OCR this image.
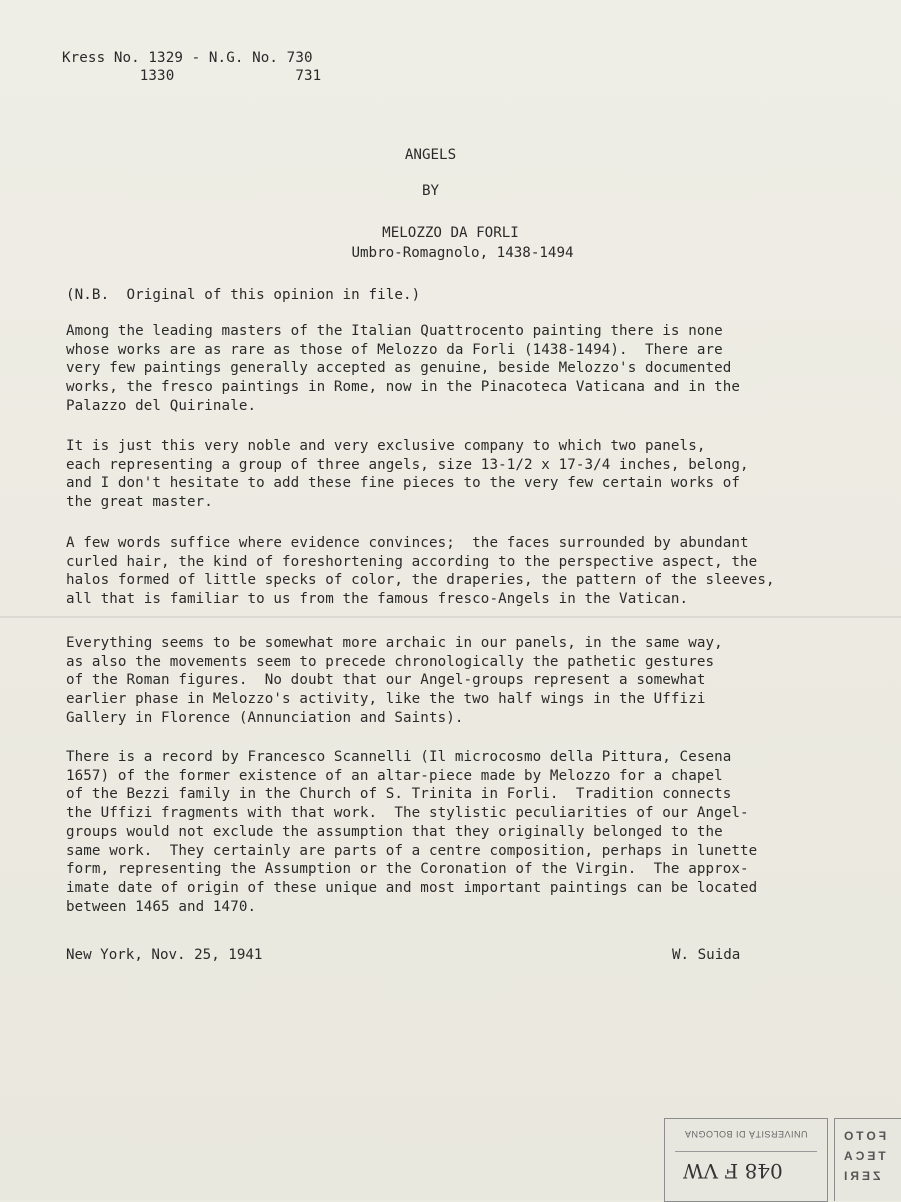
Kress No. 1329 - N.G. No. 730
1330              731
ANGELS
BY
MELOZZO DA FORLI
Umbro-Romagnolo, 1438-1494
(N.B.  Original of this opinion in file.)
Among the leading masters of the Italian Quattrocento painting there is none
whose works are as rare as those of Melozzo da Forli (1438-1494).  There are
very few paintings generally accepted as genuine, beside Melozzo's documented
works, the fresco paintings in Rome, now in the Pinacoteca Vaticana and in the
Palazzo del Quirinale.
It is just this very noble and very exclusive company to which two panels,
each representing a group of three angels, size 13-1/2 x 17-3/4 inches, belong,
and I don't hesitate to add these fine pieces to the very few certain works of
the great master.
A few words suffice where evidence convinces;  the faces surrounded by abundant
curled hair, the kind of foreshortening according to the perspective aspect, the
halos formed of little specks of color, the draperies, the pattern of the sleeves,
all that is familiar to us from the famous fresco-Angels in the Vatican.
Everything seems to be somewhat more archaic in our panels, in the same way,
as also the movements seem to precede chronologically the pathetic gestures
of the Roman figures.  No doubt that our Angel-groups represent a somewhat
earlier phase in Melozzo's activity, like the two half wings in the Uffizi
Gallery in Florence (Annunciation and Saints).
There is a record by Francesco Scannelli (Il microcosmo della Pittura, Cesena
1657) of the former existence of an altar-piece made by Melozzo for a chapel
of the Bezzi family in the Church of S. Trinita in Forli.  Tradition connects
the Uffizi fragments with that work.  The stylistic peculiarities of our Angel-
groups would not exclude the assumption that they originally belonged to the
same work.  They certainly are parts of a centre composition, perhaps in lunette
form, representing the Assumption or the Coronation of the Virgin.  The approx-
imate date of origin of these unique and most important paintings can be located
between 1465 and 1470.
New York, Nov. 25, 1941	W. Suida
UNIVERSITÀ DI BOLOGNA
048 F VW
FOTO
TECA
ZERI
